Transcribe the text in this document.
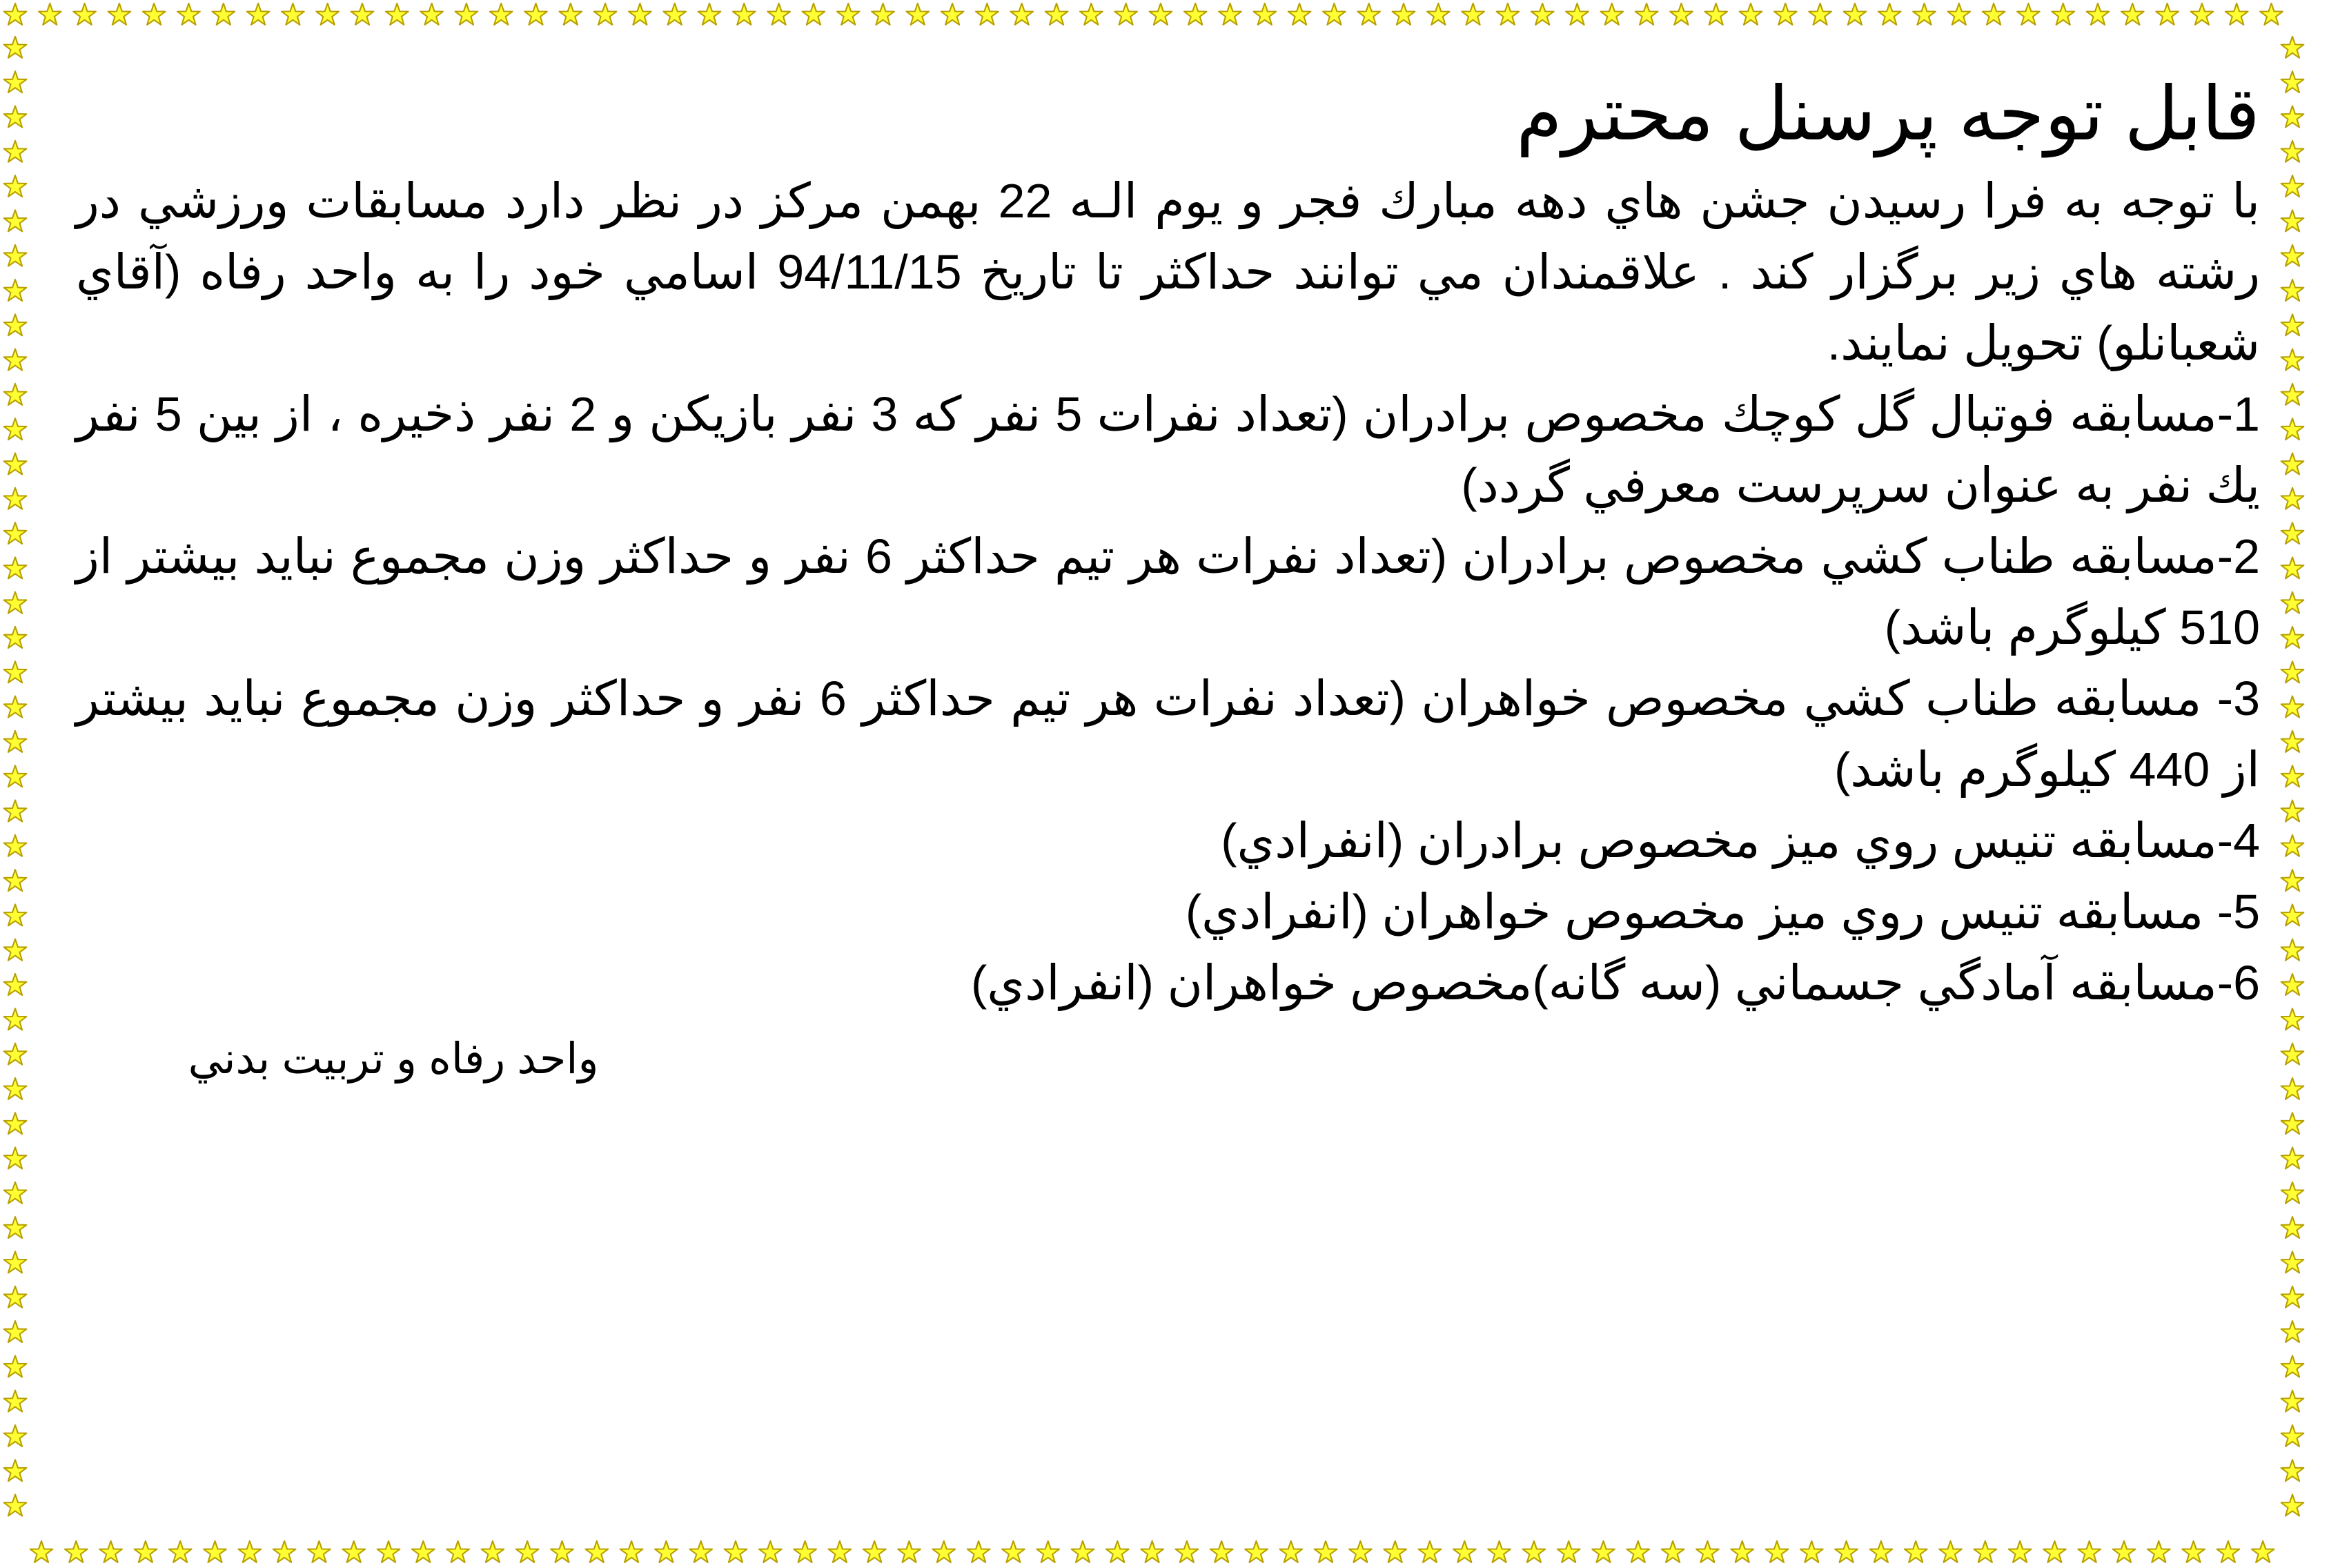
قابل توجه پرسنل محترم

با توجه به فرا رسيدن جشن هاي دهه مبارك فجر و يوم الـه 22 بهمن مركز در نظر دارد مسابقات ورزشي در رشته هاي زير برگزار كند . علاقمندان مي توانند حداكثر تا تاريخ 94/11/15 اسامي خود را به واحد رفاه (آقاي شعبانلو) تحويل نمايند.

1-مسابقه فوتبال گل كوچك مخصوص برادران (تعداد نفرات 5 نفر كه 3 نفر بازيكن و 2 نفر ذخيره ، از بين 5 نفر يك نفر به عنوان سرپرست معرفي گردد)

2-مسابقه طناب كشي مخصوص برادران (تعداد نفرات هر تيم حداكثر 6 نفر و حداكثر وزن مجموع نبايد بيشتر از 510 كيلوگرم باشد)

3- مسابقه طناب كشي مخصوص خواهران (تعداد نفرات هر تيم حداكثر 6 نفر و حداكثر وزن مجموع نبايد بيشتر از 440 كيلوگرم باشد)

4-مسابقه تنيس روي ميز مخصوص برادران (انفرادي)

5- مسابقه تنيس روي ميز مخصوص خواهران (انفرادي)

6-مسابقه آمادگي جسماني (سه گانه)مخصوص خواهران (انفرادي)

واحد رفاه و تربيت بدني
